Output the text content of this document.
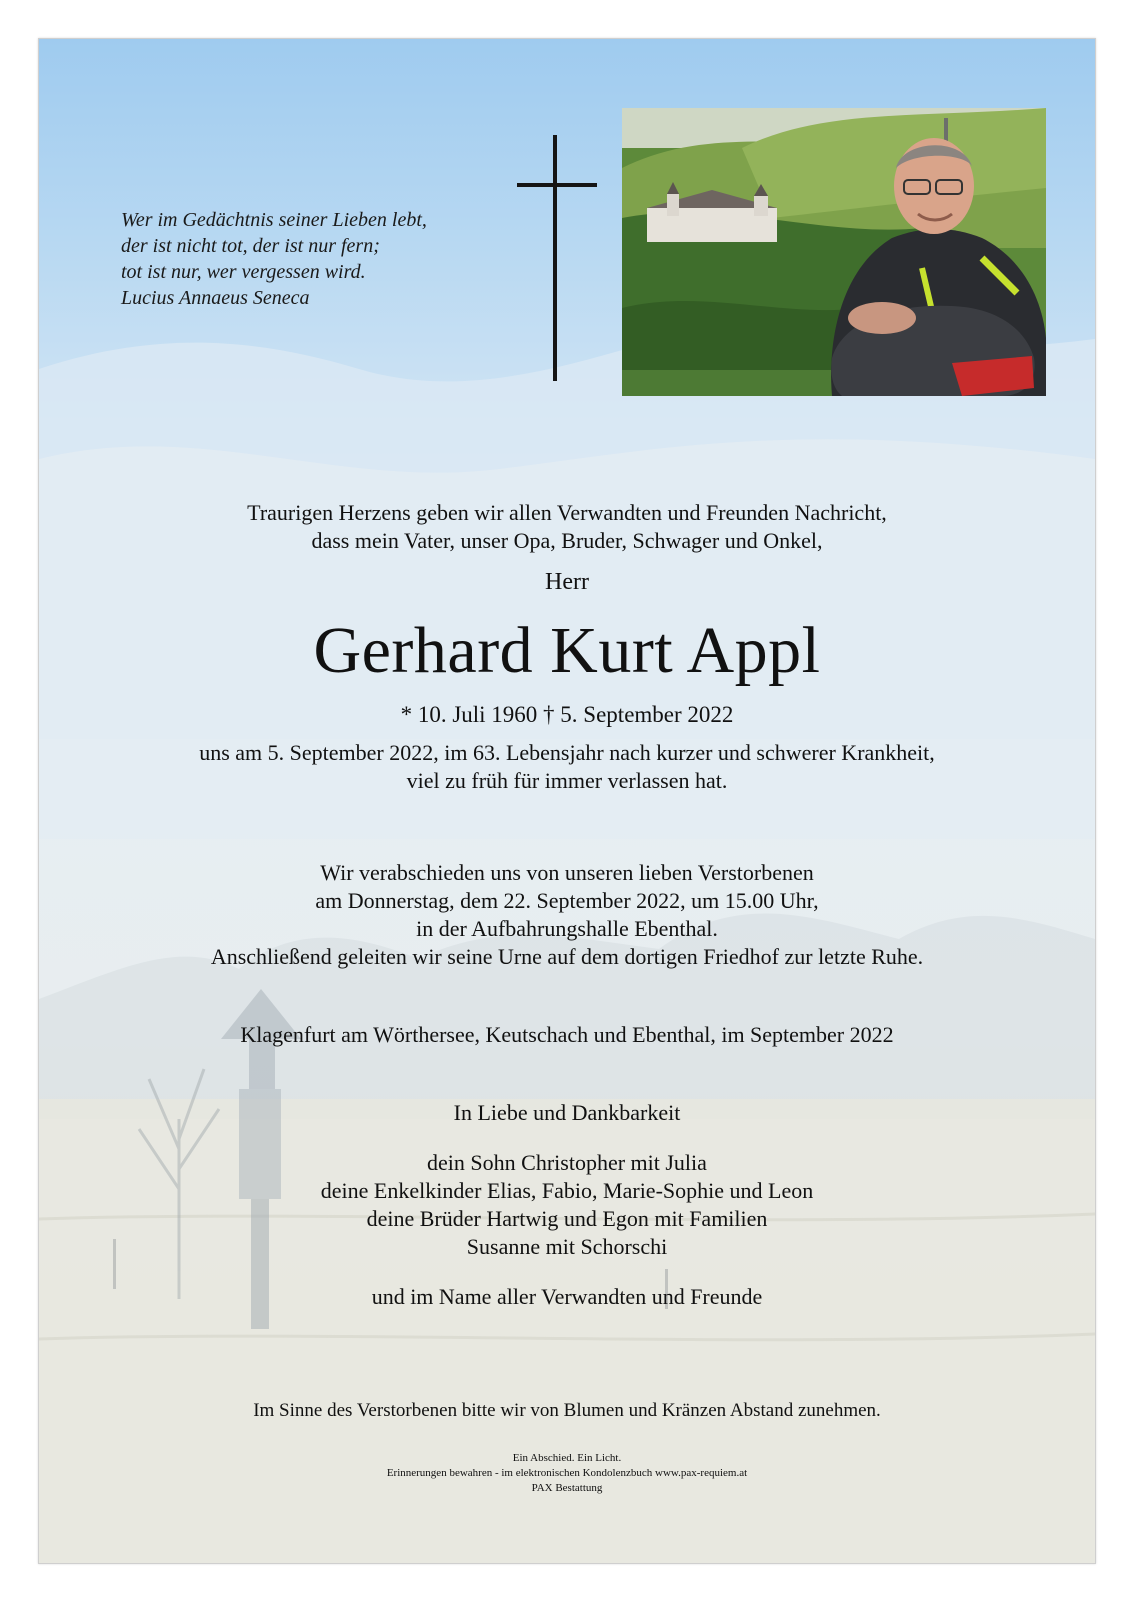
Wer im Gedächtnis seiner Lieben lebt,
der ist nicht tot, der ist nur fern;
tot ist nur, wer vergessen wird.
Lucius Annaeus Seneca
Traurigen Herzens geben wir allen Verwandten und Freunden Nachricht,
dass mein Vater, unser Opa, Bruder, Schwager und Onkel,
Herr
Gerhard Kurt Appl
* 10. Juli 1960 † 5. September 2022
uns am 5. September 2022, im 63. Lebensjahr nach kurzer und schwerer Krankheit,
viel zu früh für immer verlassen hat.
Wir verabschieden uns von unseren lieben Verstorbenen
am Donnerstag, dem 22. September 2022, um 15.00 Uhr,
in der Aufbahrungshalle Ebenthal.
Anschließend geleiten wir seine Urne auf dem dortigen Friedhof zur letzte Ruhe.
Klagenfurt am Wörthersee, Keutschach und Ebenthal, im September 2022
In Liebe und Dankbarkeit
dein Sohn Christopher mit Julia
deine Enkelkinder Elias, Fabio, Marie-Sophie und Leon
deine Brüder Hartwig und Egon mit Familien
Susanne mit Schorschi
und im Name aller Verwandten und Freunde
Im Sinne des Verstorbenen bitte wir von Blumen und Kränzen Abstand zunehmen.
Ein Abschied. Ein Licht.
Erinnerungen bewahren - im elektronischen Kondolenzbuch www.pax-requiem.at
PAX Bestattung
